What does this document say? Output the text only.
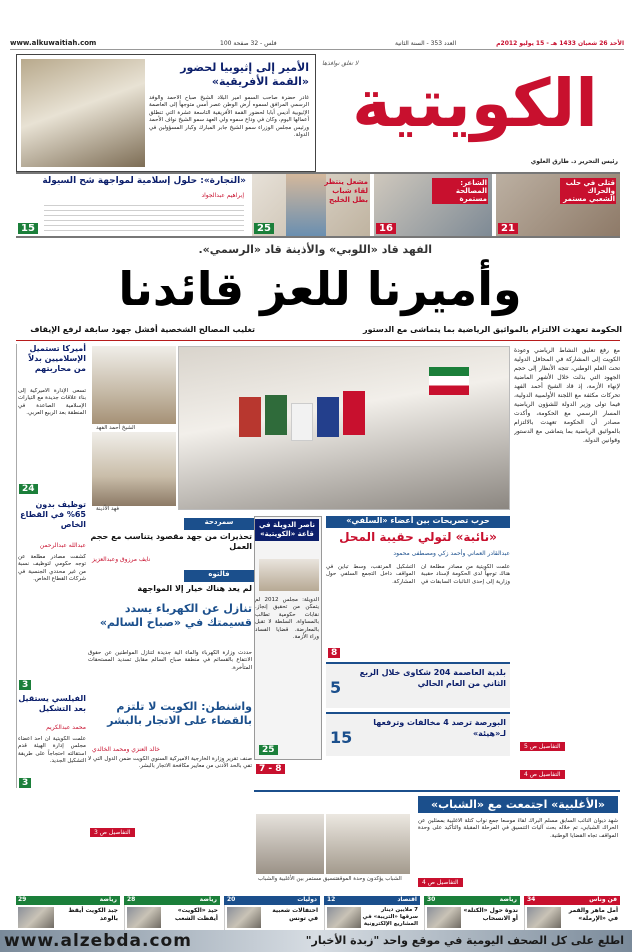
www.alkuwaitiah.com	100 فلس - 32 صفحة	العدد 353 - السنة الثانية	الأحد 26 شعبان 1433 هـ - 15 يوليو 2012م
الأمير إلى إثيوبيا لحضور «القمة الأفريقية»
غادر حضرة صاحب السمو أمير البلاد الشيخ صباح الأحمد والوفد الرسمي المرافق لسموه أرض الوطن عصر أمس متوجهاً إلى العاصمة الإثيوبية أديس أبابا لحضور القمة الأفريقية التاسعة عشرة التي تنطلق أعمالها اليوم، وكان في وداع سموه ولي العهد سمو الشيخ نواف الأحمد ورئيس مجلس الوزراء سمو الشيخ جابر المبارك وكبار المسؤولين في الدولة.
لا تغلق نوافذها
الكويتية
رئيس التحرير د. طارق العلوي
«التجارة»: حلول إسلامية لمواجهة شح السيولة
إبراهيم عبدالجواد
15
مشعل ينتظر لقاء شباب بطل الخليج
25
الشاعر: المصالحة مستمرة
16
قتلى في حلب والحراك الشعبي مستمر
21
الفهد قاد «اللوبي» والأذينة قاد «الرسمي».
وأميرنا للعز قائدنا
تغليب المصالح الشخصية أفشل جهود سابقة لرفع الإيقاف	الحكومة تعهدت الالتزام بالمواثيق الرياضية بما يتماشى مع الدستور
أميركا تستميل الإسلاميين بدلاً من محاربتهم
تسعى الإدارة الأميركية إلى بناء علاقات جديدة مع التيارات الإسلامية الصاعدة في المنطقة بعد الربيع العربي.
24
توظيف بدون 65% في القطاع الخاص
عبدالله عبدالرحمن
كشفت مصادر مطلعة عن توجه حكومي لتوظيف نسبة من غير محددي الجنسية في شركات القطاع الخاص.
3
الفيلسي يستقيل بعد التشكيل
محمد عبدالكريم
علمت الكويتية أن أحد أعضاء مجلس إدارة الهيئة قدم استقالته احتجاجاً على طريقة التشكيل الجديد.
3
الشيخ أحمد الفهد
فهد الأذينة
مع رفع تعليق النشاط الرياضي وعودة الكويت إلى المشاركة في المحافل الدولية تحت العلم الوطني، تتجه الأنظار إلى حجم الجهود التي بذلت خلال الأشهر الماضية لإنهاء الأزمة، إذ قاد الشيخ أحمد الفهد تحركات مكثفة مع اللجنة الأولمبية الدولية، فيما تولى وزير الدولة للشؤون الرياضية المسار الرسمي مع الحكومة، وأكدت مصادر أن الحكومة تعهدت بالالتزام بالمواثيق الرياضية بما يتماشى مع الدستور وقوانين الدولة.
التفاصيل ص 4
سمردحة
تحذيرات من جهد مقصود يتناسب مع حجم العمل
نايف مرزوق وعبدالعزيز
فالتوه
لم يعد هناك خيار إلا المواجهة
تنازل عن الكهرباء يسدد قسيمتك في «صباح السالم»
حددت وزارة الكهرباء والماء آلية جديدة لتنازل المواطنين عن حقوق الانتفاع بالقسائم في منطقة صباح السالم مقابل تسديد المستحقات المتأخرة.
واشنطن: الكويت لا تلتزم بالقضاء على الاتجار بالبشر
خالد العنزي ومحمد الخالدي
صنف تقرير وزارة الخارجية الأميركية السنوي الكويت ضمن الدول التي لا تفي بالحد الأدنى من معايير مكافحة الاتجار بالبشر.
التفاصيل ص 3
ناصر الدويلة في قاعة «الكويتية»
الدويلة: مجلس 2012 لم يتمكن من تحقيق إنجاز. نقابات حكومية تطالب بالمساواة. السلطة لا تقبل بالمعارضة. قضايا الفساد وراء الأزمة.
25
8 - 7
حرب تصريحات بين أعضاء «السلفي»
«نائبة» لتولي حقيبة المحل
عبدالقادر العماني وأحمد زكي ومصطفى محمود
علمت الكويتية من مصادر مطلعة أن هناك توجهاً لدى الحكومة لإسناد حقيبة وزارية إلى إحدى النائبات السابقات في التشكيل المرتقب، وسط تباين في المواقف داخل التجمع السلفي حول المشاركة.
8
بلدية العاصمة 204 شكاوى خلال الربع الثاني من العام الحالي
5
البورصة ترصد 4 مخالفات وترفعها لـ«هيئة»
15	التفاصيل ص 5
تنسيق مستمر بين الأغلبية والشباب
الشباب يؤكدون وحدة الموقف
«الأغلبية» اجتمعت مع «الشباب»
شهد ديوان النائب السابق مسلم البراك لقاءً موسعاً جمع نواب كتلة الأغلبية بممثلين عن الحراك الشبابي، تم خلاله بحث آليات التنسيق في المرحلة المقبلة والتأكيد على وحدة المواقف تجاه القضايا الوطنية.
التفاصيل ص 4
فن وناس
34
أمل ماهر والقمر في «الإرملة»
رياضة
30
ندوة حول «الكتلة» أو الانسحاب
اقتصاد
12
7 ملايين دينار سرقها «التريبة» في المشاريع الإلكترونية
دوليات
20
احتفالات شعبية في تونس
رياضة
28
حيد «الكويت» أيقظت الشعب
رياضة
29
جبد الكويت أيقظ بالوعد
www.alzebda.com	اطلع على كل الصحف اليومية في موقع واحد "زبدة الأخبار"
